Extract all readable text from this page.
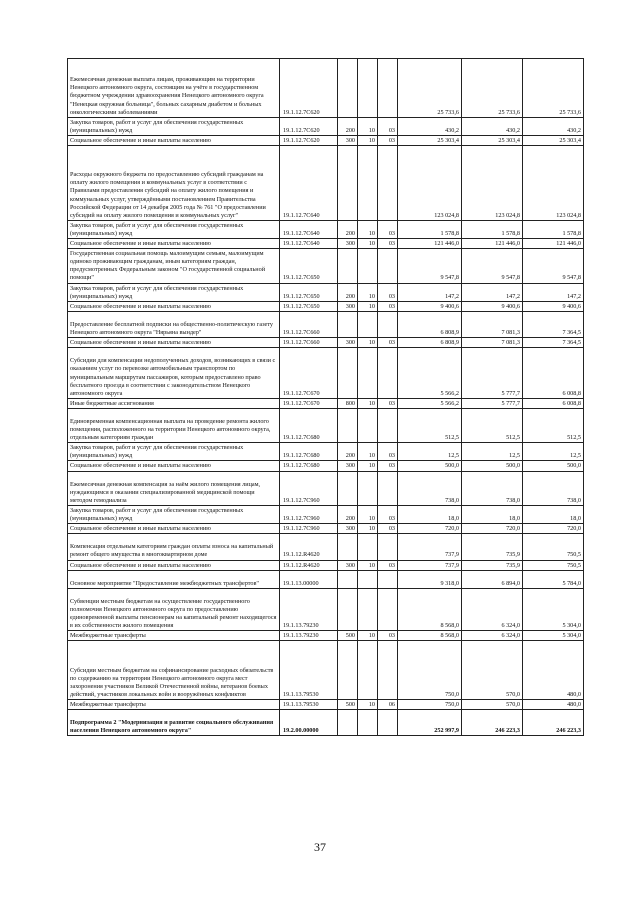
Ежемесячная денежная выплата лицам, проживающим на территории Ненецкого автономного округа, состоящим на учёте в государственном бюджетном учреждении здравоохранения Ненецкого автономного округа "Ненецкая окружная больница", больных сахарным диабетом и больных онкологическими заболеваниями	19.1.12.7С620				25 733,6	25 733,6	25 733,6
Закупка товаров, работ и услуг для обеспечения государственных (муниципальных) нужд	19.1.12.7С620	200	10	03	430,2	430,2	430,2
Социальное обеспечение и иные выплаты населению	19.1.12.7С620	300	10	03	25 303,4	25 303,4	25 303,4
Расходы окружного бюджета по предоставлению субсидий гражданам на оплату жилого помещения и коммунальных услуг в соответствии с Правилами предоставления субсидий на оплату жилого помещения и коммунальных услуг, утверждёнными постановлением Правительства Российской Федерации от 14 декабря 2005 года № 761 "О предоставлении субсидий на оплату жилого помещения и коммунальных услуг"	19.1.12.7С640				123 024,8	123 024,8	123 024,8
Закупка товаров, работ и услуг для обеспечения государственных (муниципальных) нужд	19.1.12.7С640	200	10	03	1 578,8	1 578,8	1 578,8
Социальное обеспечение и иные выплаты населению	19.1.12.7С640	300	10	03	121 446,0	121 446,0	121 446,0
Государственная социальная помощь малоимущим семьям, малоимущим одиноко проживающим гражданам, иным категориям граждан, предусмотренных Федеральным законом "О государственной социальной помощи"	19.1.12.7С650				9 547,8	9 547,8	9 547,8
Закупка товаров, работ и услуг для обеспечения государственных (муниципальных) нужд	19.1.12.7С650	200	10	03	147,2	147,2	147,2
Социальное обеспечение и иные выплаты населению	19.1.12.7С650	300	10	03	9 400,6	9 400,6	9 400,6
Предоставление бесплатной подписки на общественно-политическую газету Ненецкого автономного округа "Нярьяна вындер"	19.1.12.7С660				6 808,9	7 081,3	7 364,5
Социальное обеспечение и иные выплаты населению	19.1.12.7С660	300	10	03	6 808,9	7 081,3	7 364,5
Субсидии для компенсации недополученных доходов, возникающих в связи с оказанием услуг по перевозке автомобильным транспортом по муниципальным маршрутам пассажиров, которым предоставлено право бесплатного проезда в соответствии с законодательством Ненецкого автономного округа	19.1.12.7С670				5 566,2	5 777,7	6 008,8
Иные бюджетные ассигнования	19.1.12.7С670	800	10	03	5 566,2	5 777,7	6 008,8
Единовременная компенсационная выплата на проведение ремонта жилого помещения, расположенного на территории Ненецкого автономного округа, отдельным категориям граждан	19.1.12.7С680				512,5	512,5	512,5
Закупка товаров, работ и услуг для обеспечения государственных (муниципальных) нужд	19.1.12.7С680	200	10	03	12,5	12,5	12,5
Социальное обеспечение и иные выплаты населению	19.1.12.7С680	300	10	03	500,0	500,0	500,0
Ежемесячная денежная компенсация за наём жилого помещения лицам, нуждающимся в оказании специализированной медицинской помощи методом гемодиализа	19.1.12.7С960				738,0	738,0	738,0
Закупка товаров, работ и услуг для обеспечения государственных (муниципальных) нужд	19.1.12.7С960	200	10	03	18,0	18,0	18,0
Социальное обеспечение и иные выплаты населению	19.1.12.7С960	300	10	03	720,0	720,0	720,0
Компенсация отдельным категориям граждан оплаты взноса на капитальный ремонт общего имущества в многоквартирном доме	19.1.12.R4620				737,9	735,9	750,5
Социальное обеспечение и иные выплаты населению	19.1.12.R4620	300	10	03	737,9	735,9	750,5
Основное мероприятие "Предоставление межбюджетных трансфертов"	19.1.13.00000				9 318,0	6 894,0	5 784,0
Субвенции местным бюджетам на осуществление государственного полномочия Ненецкого автономного округа по предоставлению единовременной выплаты пенсионерам на капитальный ремонт находящегося в их собственности жилого помещения	19.1.13.79230				8 568,0	6 324,0	5 304,0
Межбюджетные трансферты	19.1.13.79230	500	10	03	8 568,0	6 324,0	5 304,0
Субсидии местным бюджетам на софинансирование расходных обязательств по содержанию на территории Ненецкого автономного округа мест захоронения участников Великой Отечественной войны, ветеранов боевых действий, участников локальных войн и вооружённых конфликтов	19.1.13.79530				750,0	570,0	480,0
Межбюджетные трансферты	19.1.13.79530	500	10	06	750,0	570,0	480,0
Подпрограмма 2 "Модернизация и развитие социального обслуживания населения Ненецкого автономного округа"	19.2.00.00000				252 997,9	246 223,3	246 223,3
37
